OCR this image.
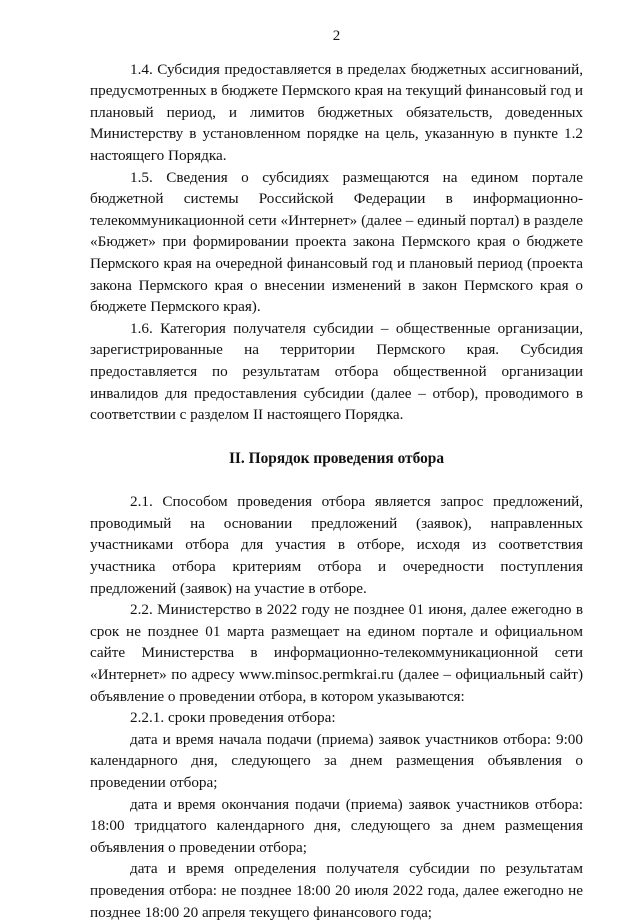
2

1.4. Субсидия предоставляется в пределах бюджетных ассигнований, предусмотренных в бюджете Пермского края на текущий финансовый год и плановый период, и лимитов бюджетных обязательств, доведенных Министерству в установленном порядке на цель, указанную в пункте 1.2 настоящего Порядка.

1.5. Сведения о субсидиях размещаются на едином портале бюджетной системы Российской Федерации в информационно-телекоммуникационной сети «Интернет» (далее – единый портал) в разделе «Бюджет» при формировании проекта закона Пермского края о бюджете Пермского края на очередной финансовый год и плановый период (проекта закона Пермского края о внесении изменений в закон Пермского края о бюджете Пермского края).

1.6. Категория получателя субсидии – общественные организации, зарегистрированные на территории Пермского края. Субсидия предоставляется по результатам отбора общественной организации инвалидов для предоставления субсидии (далее – отбор), проводимого в соответствии с разделом II настоящего Порядка.

II. Порядок проведения отбора

2.1. Способом проведения отбора является запрос предложений, проводимый на основании предложений (заявок), направленных участниками отбора для участия в отборе, исходя из соответствия участника отбора критериям отбора и очередности поступления предложений (заявок) на участие в отборе.

2.2. Министерство в 2022 году не позднее 01 июня, далее ежегодно в срок не позднее 01 марта размещает на едином портале и официальном сайте Министерства в информационно-телекоммуникационной сети «Интернет» по адресу www.minsoc.permkrai.ru (далее – официальный сайт) объявление о проведении отбора, в котором указываются:

2.2.1. сроки проведения отбора:

дата и время начала подачи (приема) заявок участников отбора: 9:00 календарного дня, следующего за днем размещения объявления о проведении отбора;

дата и время окончания подачи (приема) заявок участников отбора: 18:00 тридцатого календарного дня, следующего за днем размещения объявления о проведении отбора;

дата и время определения получателя субсидии по результатам проведения отбора: не позднее 18:00 20 июля 2022 года, далее ежегодно не позднее 18:00 20 апреля текущего финансового года;
